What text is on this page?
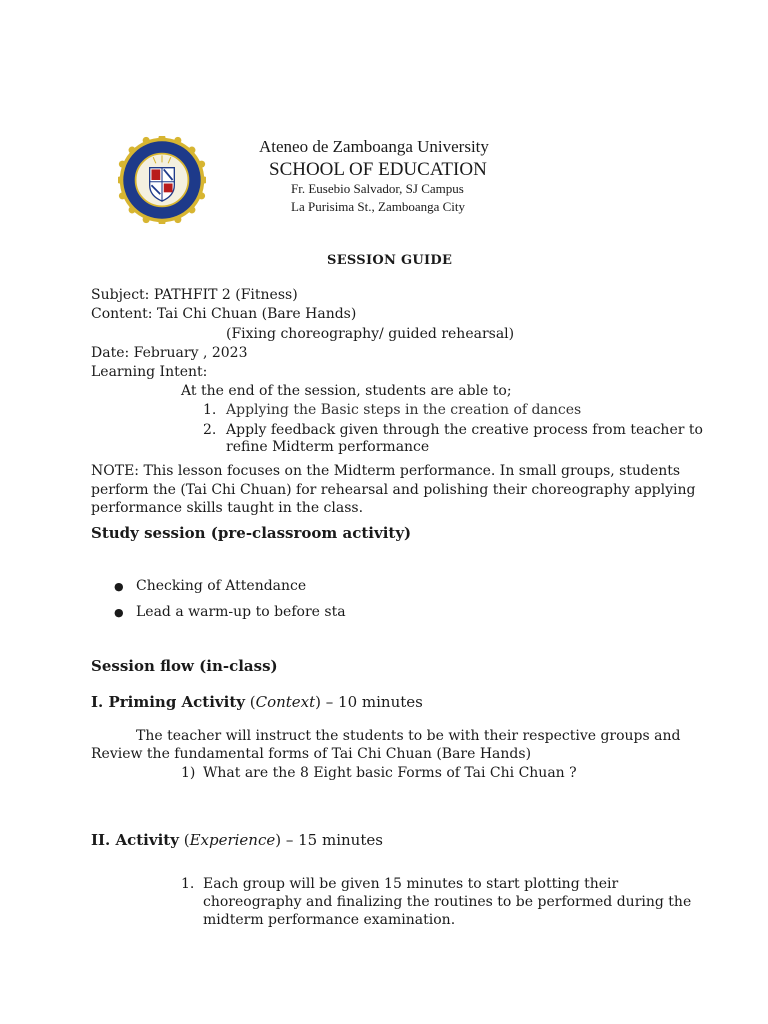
Ateneo de Zamboanga University
SCHOOL OF EDUCATION
Fr. Eusebio Salvador, SJ Campus
La Purisima St., Zamboanga City
SESSION GUIDE
Subject: PATHFIT 2 (Fitness)
Content: Tai Chi Chuan (Bare Hands)
(Fixing choreography/ guided rehearsal)
Date: February , 2023
Learning Intent:
At the end of the session, students are able to;
1. Applying the Basic steps in the creation of dances
2. Apply feedback given through the creative process from teacher to
refine Midterm performance
NOTE: This lesson focuses on the Midterm performance. In small groups, students
perform the (Tai Chi Chuan) for rehearsal and polishing their choreography applying
performance skills taught in the class.
Study session (pre-classroom activity)
● Checking of Attendance
● Lead a warm-up to before sta
Session flow (in-class)
I. Priming Activity (Context) – 10 minutes
The teacher will instruct the students to be with their respective groups and
Review the fundamental forms of Tai Chi Chuan (Bare Hands)
1) What are the 8 Eight basic Forms of Tai Chi Chuan ?
II. Activity (Experience) – 15 minutes
1. Each group will be given 15 minutes to start plotting their
choreography and finalizing the routines to be performed during the
midterm performance examination.
